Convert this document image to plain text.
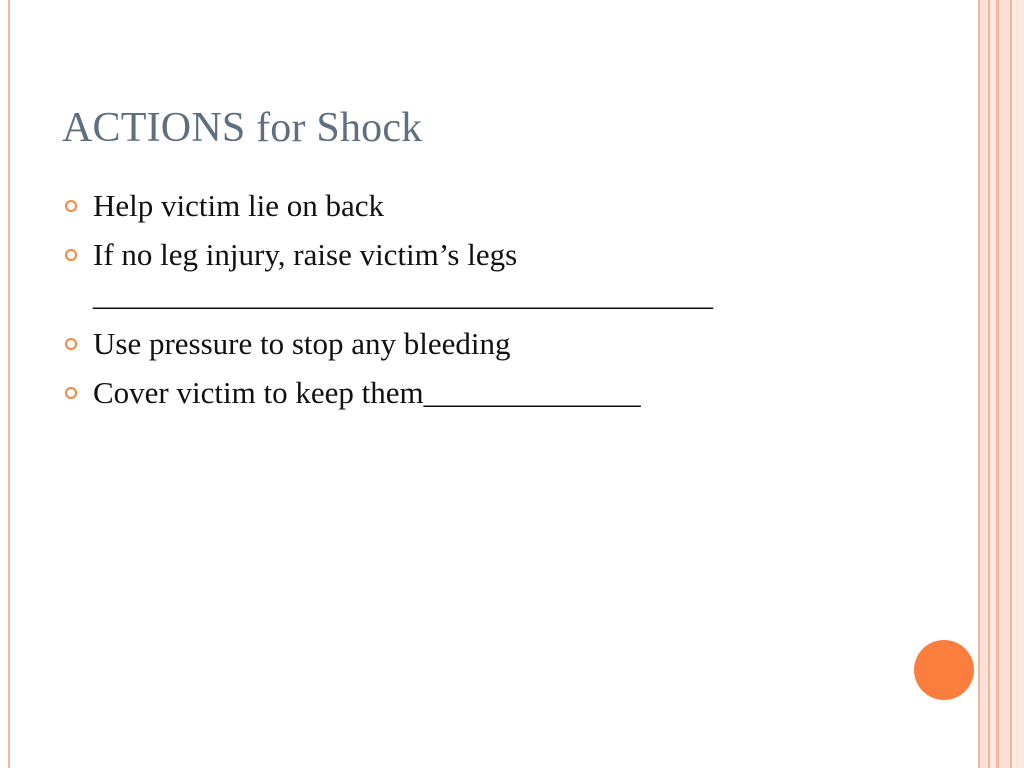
ACTIONS for Shock
Help victim lie on back
If no leg injury, raise victim’s legs ________________________________________
Use pressure to stop any bleeding
Cover victim to keep them______________
